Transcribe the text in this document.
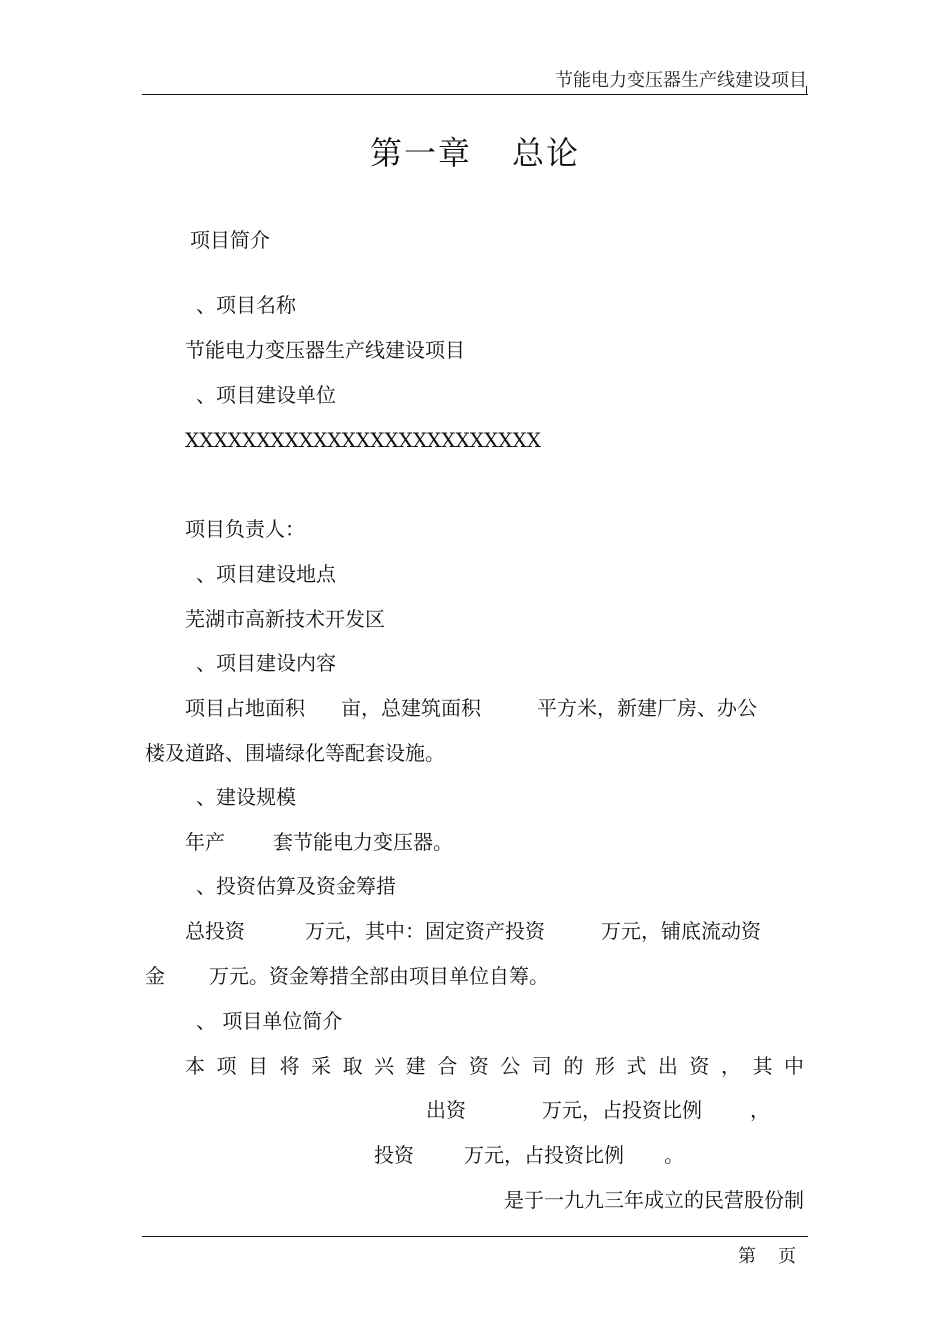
节能电力变压器生产线建设项目
第一章 总论
项目简介
、项目名称
节能电力变压器生产线建设项目
、项目建设单位
XXXXXXXXXXXXXXXXXXXXXXXXX
项目负责人：
、项目建设地点
芜湖市高新技术开发区
、项目建设内容
项目占地面积 亩，总建筑面积	平方米，新建厂房、办公
楼及道路、围墙绿化等配套设施。
、建设规模
年产 套节能电力变压器。
、投资估算及资金筹措
总投资	万元，其中：固定资产投资	万元，铺底流动资
金 万元。资金筹措全部由项目单位自筹。
、 项目单位简介
本项目将采取兴建合资公司的形式出资，其中
出资	万元，占投资比例 ，
投资	万元，占投资比例 。
是于一九九三年成立的民营股份制
第 页
